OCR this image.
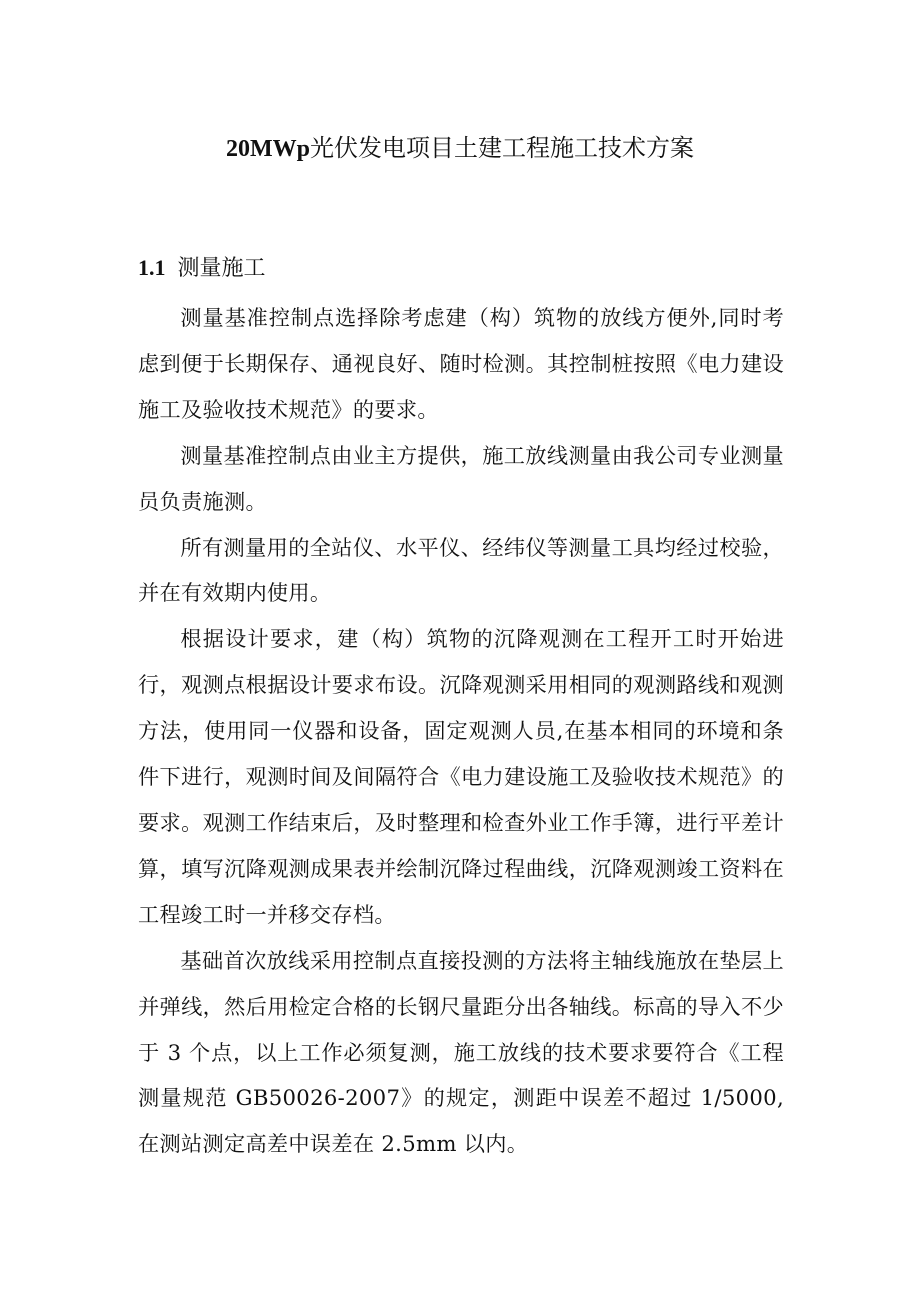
20MWp光伏发电项目土建工程施工技术方案
1.1 测量施工

测量基准控制点选择除考虑建（构）筑物的放线方便外,同时考虑到便于长期保存、通视良好、随时检测。其控制桩按照《电力建设施工及验收技术规范》的要求。

测量基准控制点由业主方提供，施工放线测量由我公司专业测量员负责施测。

所有测量用的全站仪、水平仪、经纬仪等测量工具均经过校验，并在有效期内使用。

根据设计要求，建（构）筑物的沉降观测在工程开工时开始进行，观测点根据设计要求布设。沉降观测采用相同的观测路线和观测方法，使用同一仪器和设备，固定观测人员,在基本相同的环境和条件下进行，观测时间及间隔符合《电力建设施工及验收技术规范》的要求。观测工作结束后，及时整理和检查外业工作手簿，进行平差计算，填写沉降观测成果表并绘制沉降过程曲线，沉降观测竣工资料在工程竣工时一并移交存档。

基础首次放线采用控制点直接投测的方法将主轴线施放在垫层上并弹线，然后用检定合格的长钢尺量距分出各轴线。标高的导入不少于 3 个点，以上工作必须复测，施工放线的技术要求要符合《工程测量规范 GB50026-2007》的规定，测距中误差不超过 1/5000,在测站测定高差中误差在 2.5mm 以内。
